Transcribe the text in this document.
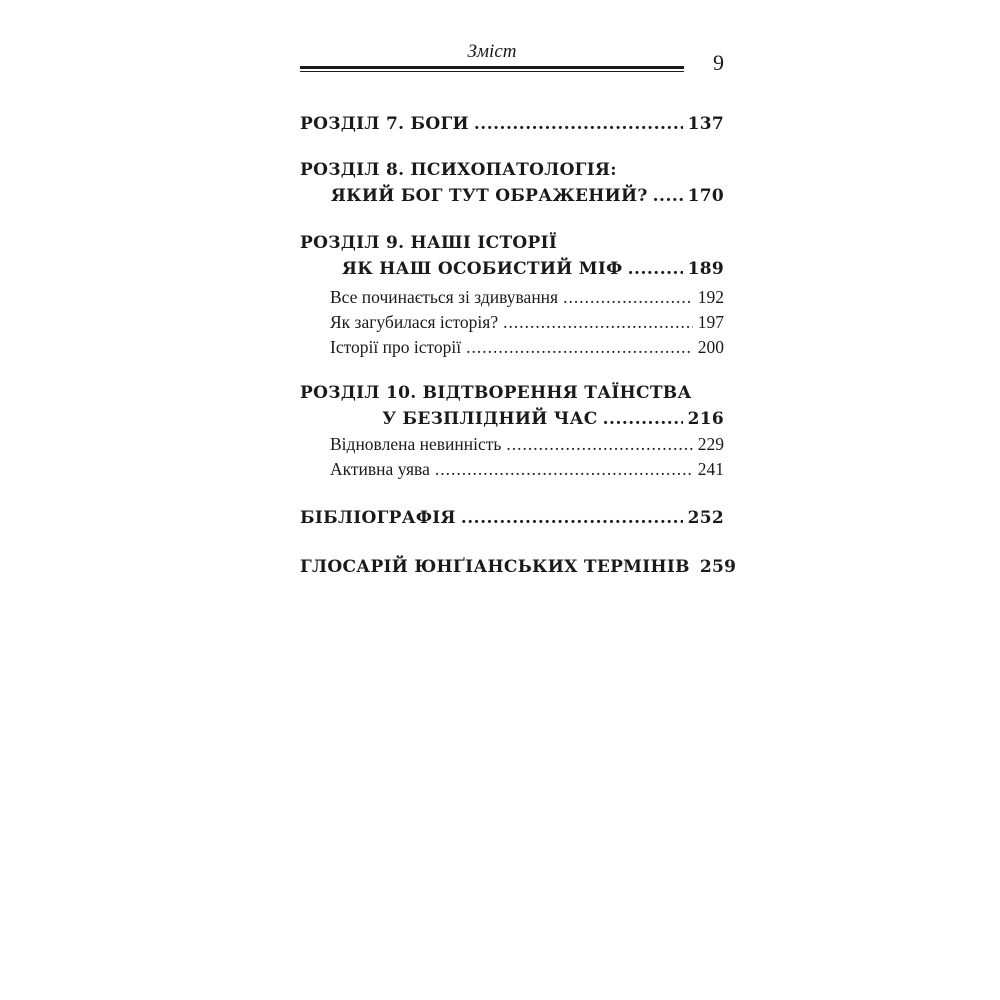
Зміст	9
РОЗДІЛ 7. БОГИ .....	137
РОЗДІЛ 8. ПСИХОПАТОЛОГІЯ:
ЯКИЙ БОГ ТУТ ОБРАЖЕНИЙ? ..... 170
РОЗДІЛ 9. НАШІ ІСТОРІЇ
ЯК НАШ ОСОБИСТИЙ МІФ .....	189
Все починається зі здивування .....	192
Як загубилася історія? .....	197
Історії про історії .....	200
РОЗДІЛ 10. ВІДТВОРЕННЯ ТАЇНСТВА
У БЕЗПЛІДНИЙ ЧАС .....	216
Відновлена невинність .....	229
Активна уява .....	241
БІБЛІОГРАФІЯ .....	252
ГЛОСАРІЙ ЮНҐІАНСЬКИХ ТЕРМІНІВ 259
